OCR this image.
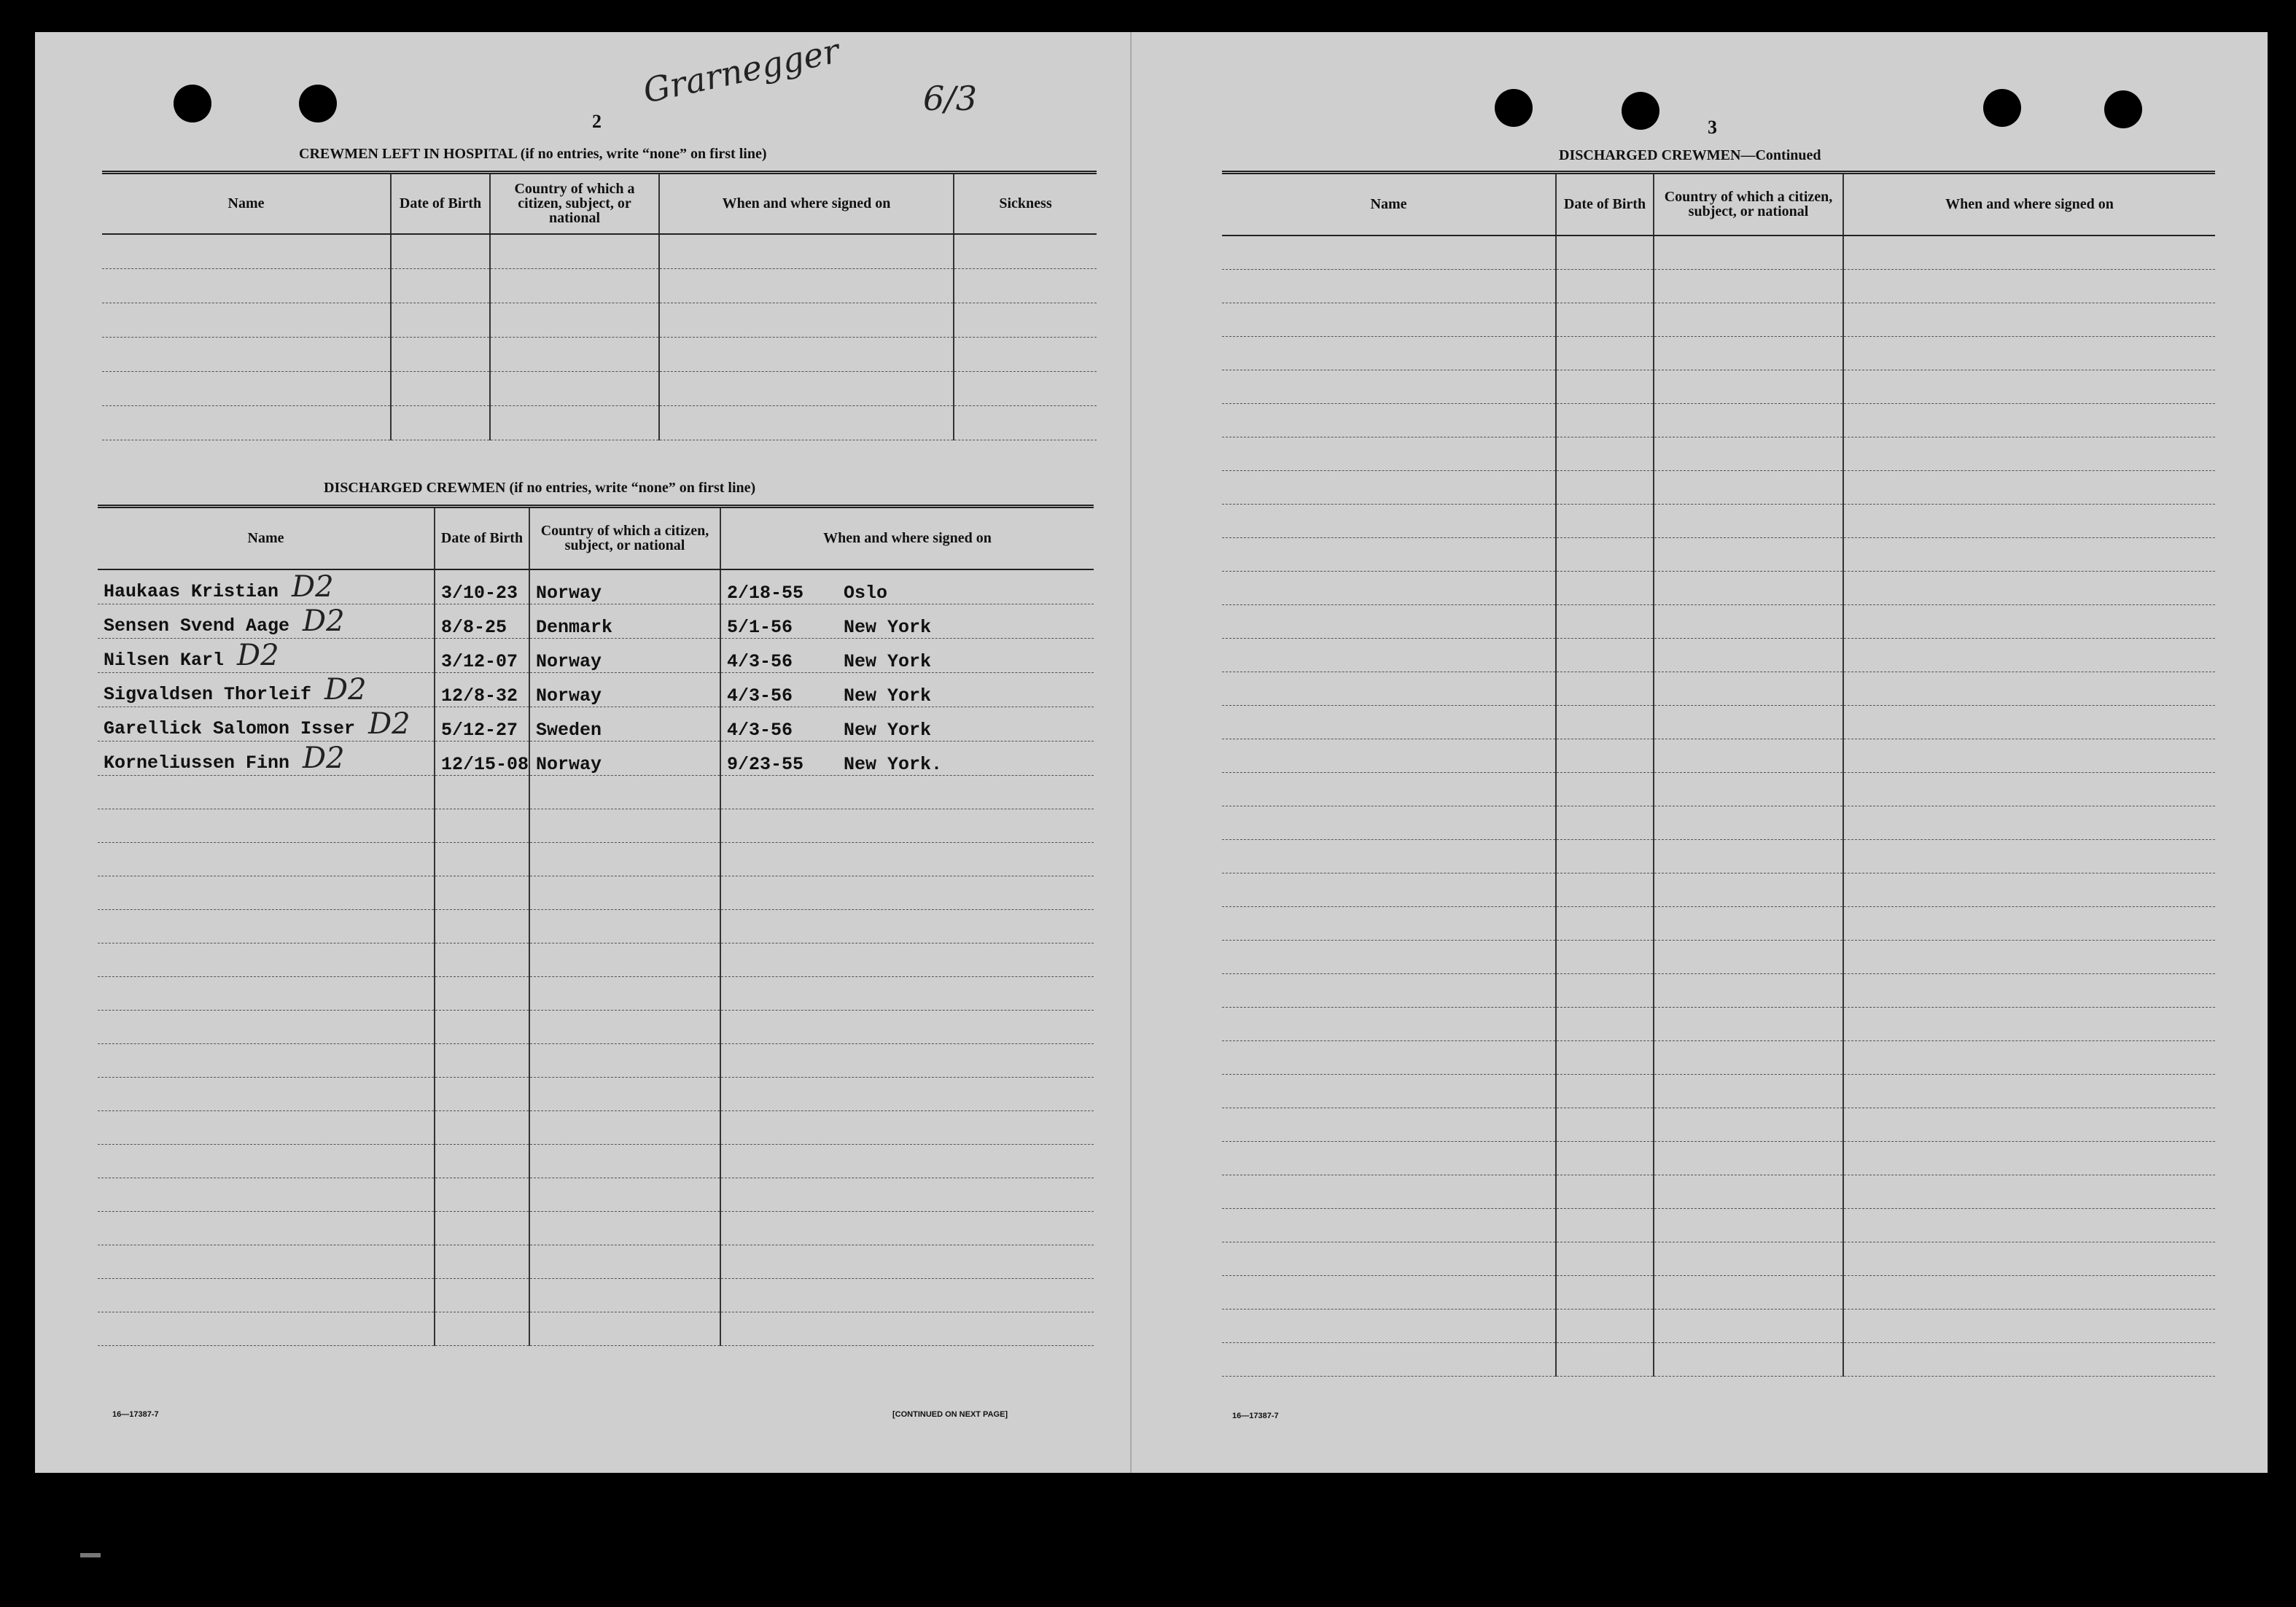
Grarnegger 6/3
2
CREWMEN LEFT IN HOSPITAL (if no entries, write “none” on first line)
Name	Date of Birth	Country of which a citizen, subject, or national	When and where signed on	Sickness

DISCHARGED CREWMEN (if no entries, write “none” on first line)
Name	Date of Birth	Country of which a citizen, subject, or national	When and where signed on
Haukaas Kristian D2	3/10-23	Norway	2/18-55 Oslo
Sensen Svend Aage D2	8/8-25	Denmark	5/1-56 New York
Nilsen Karl D2	3/12-07	Norway	4/3-56 New York
Sigvaldsen Thorleif D2	12/8-32	Norway	4/3-56 New York
Garellick Salomon Isser D2	5/12-27	Sweden	4/3-56 New York
Korneliussen Finn D2	12/15-08	Norway	9/23-55 New York.

16—17387-7	[CONTINUED ON NEXT PAGE]
3
DISCHARGED CREWMEN—Continued
Name	Date of Birth	Country of which a citizen, subject, or national	When and where signed on

16—17387-7
